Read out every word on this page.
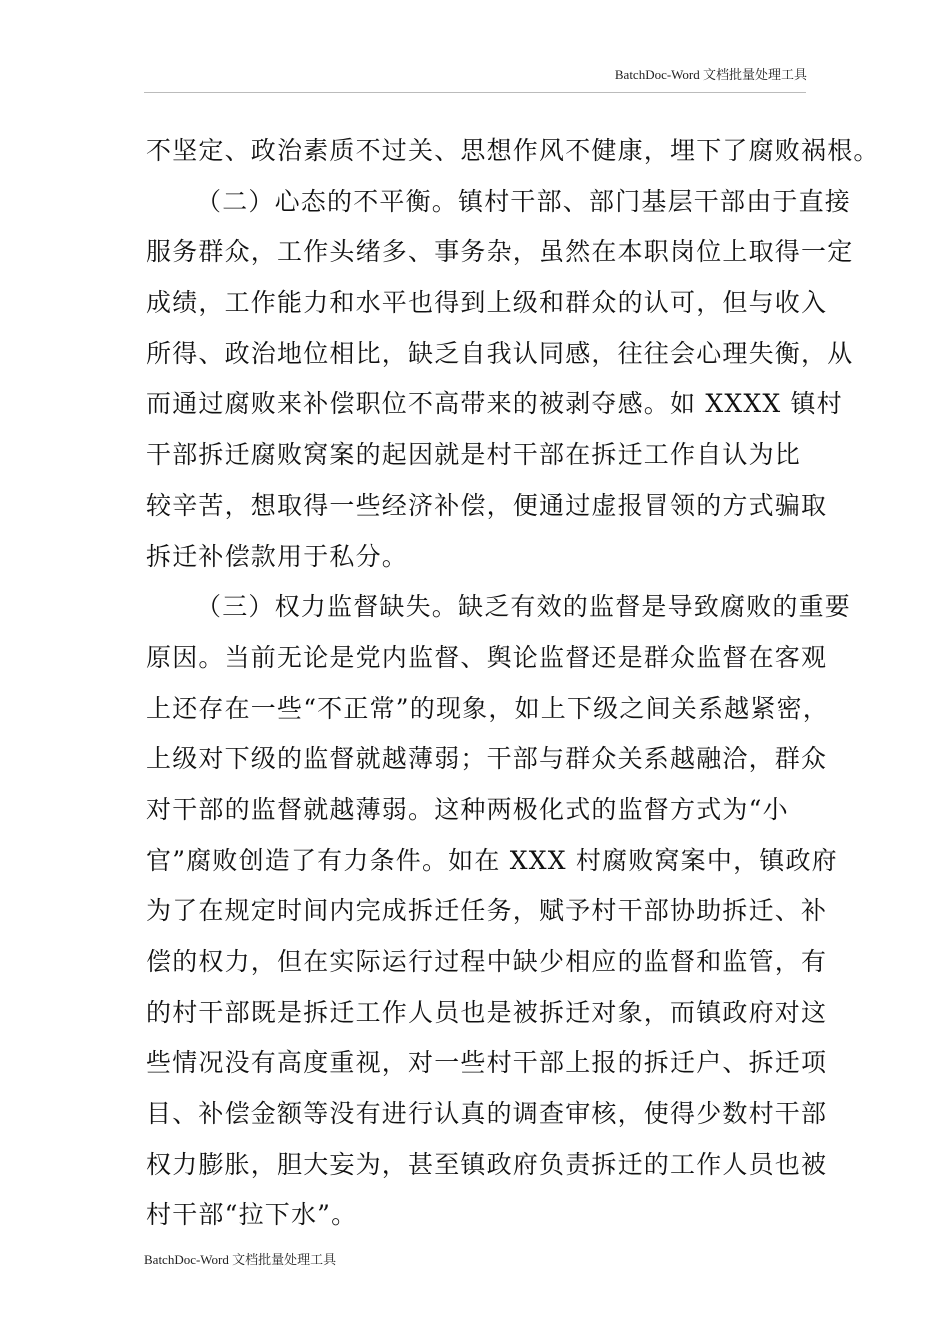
BatchDoc-Word 文档批量处理工具
不坚定、政治素质不过关、思想作风不健康，埋下了腐败祸根。
（二）心态的不平衡。镇村干部、部门基层干部由于直接
服务群众，工作头绪多、事务杂，虽然在本职岗位上取得一定
成绩，工作能力和水平也得到上级和群众的认可，但与收入
所得、政治地位相比，缺乏自我认同感，往往会心理失衡，从
而通过腐败来补偿职位不高带来的被剥夺感。如 XXXX 镇村
干部拆迁腐败窝案的起因就是村干部在拆迁工作自认为比
较辛苦，想取得一些经济补偿，便通过虚报冒领的方式骗取
拆迁补偿款用于私分。
（三）权力监督缺失。缺乏有效的监督是导致腐败的重要
原因。当前无论是党内监督、舆论监督还是群众监督在客观
上还存在一些“不正常”的现象，如上下级之间关系越紧密，
上级对下级的监督就越薄弱；干部与群众关系越融洽，群众
对干部的监督就越薄弱。这种两极化式的监督方式为“小
官”腐败创造了有力条件。如在 XXX 村腐败窝案中，镇政府
为了在规定时间内完成拆迁任务，赋予村干部协助拆迁、补
偿的权力，但在实际运行过程中缺少相应的监督和监管，有
的村干部既是拆迁工作人员也是被拆迁对象，而镇政府对这
些情况没有高度重视，对一些村干部上报的拆迁户、拆迁项
目、补偿金额等没有进行认真的调查审核，使得少数村干部
权力膨胀，胆大妄为，甚至镇政府负责拆迁的工作人员也被
村干部“拉下水”。
BatchDoc-Word 文档批量处理工具
